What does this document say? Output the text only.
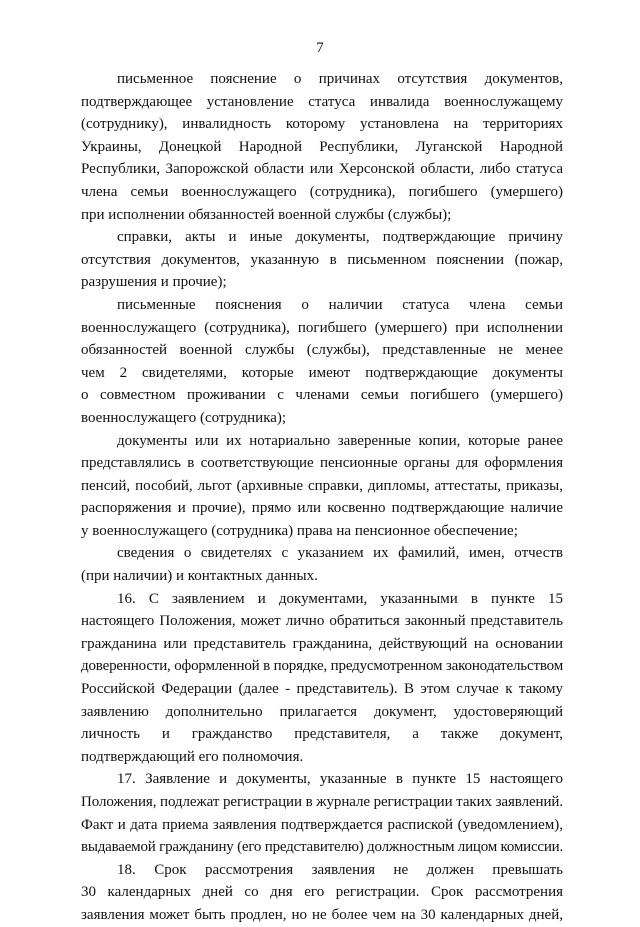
7
письменное пояснение о причинах отсутствия документов,
подтверждающее установление статуса инвалида военнослужащему
(сотруднику), инвалидность которому установлена на территориях
Украины, Донецкой Народной Республики, Луганской Народной
Республики, Запорожской области или Херсонской области, либо статуса
члена семьи военнослужащего (сотрудника), погибшего (умершего)
при исполнении обязанностей военной службы (службы);
справки, акты и иные документы, подтверждающие причину
отсутствия документов, указанную в письменном пояснении (пожар,
разрушения и прочие);
письменные пояснения о наличии статуса члена семьи
военнослужащего (сотрудника), погибшего (умершего) при исполнении
обязанностей военной службы (службы), представленные не менее
чем 2 свидетелями, которые имеют подтверждающие документы
о совместном проживании с членами семьи погибшего (умершего)
военнослужащего (сотрудника);
документы или их нотариально заверенные копии, которые ранее
представлялись в соответствующие пенсионные органы для оформления
пенсий, пособий, льгот (архивные справки, дипломы, аттестаты, приказы,
распоряжения и прочие), прямо или косвенно подтверждающие наличие
у военнослужащего (сотрудника) права на пенсионное обеспечение;
сведения о свидетелях с указанием их фамилий, имен, отчеств
(при наличии) и контактных данных.
16. С заявлением и документами, указанными в пункте 15
настоящего Положения, может лично обратиться законный представитель
гражданина или представитель гражданина, действующий на основании
доверенности, оформленной в порядке, предусмотренном законодательством
Российской Федерации (далее - представитель). В этом случае к такому
заявлению дополнительно прилагается документ, удостоверяющий
личность и гражданство представителя, а также документ,
подтверждающий его полномочия.
17. Заявление и документы, указанные в пункте 15 настоящего
Положения, подлежат регистрации в журнале регистрации таких заявлений.
Факт и дата приема заявления подтверждается распиской (уведомлением),
выдаваемой гражданину (его представителю) должностным лицом комиссии.
18. Срок рассмотрения заявления не должен превышать
30 календарных дней со дня его регистрации. Срок рассмотрения
заявления может быть продлен, но не более чем на 30 календарных дней,
